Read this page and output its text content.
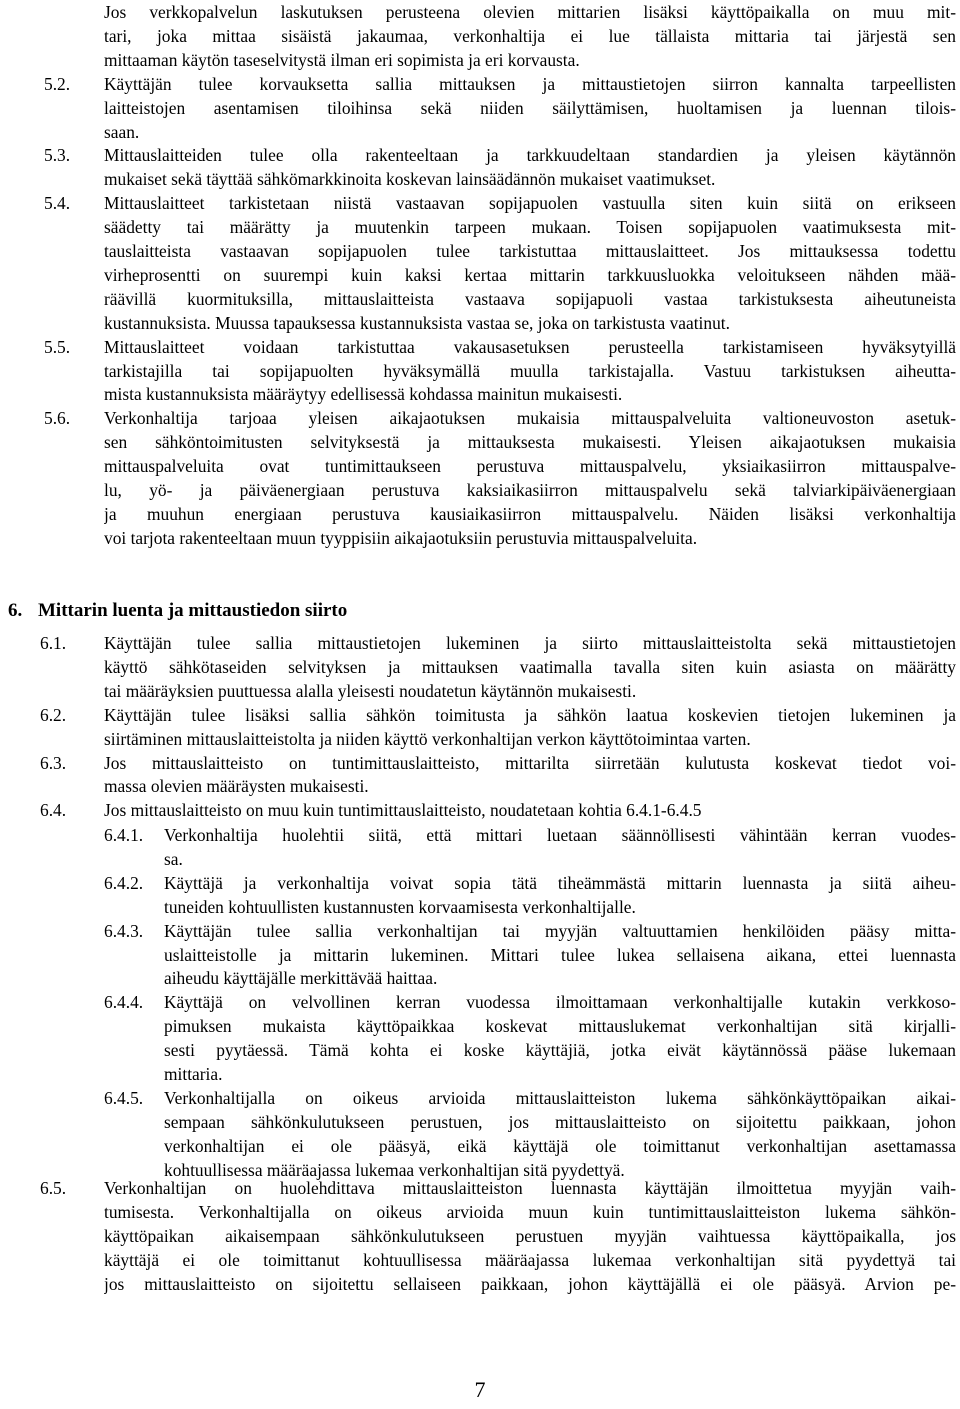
6. Mittarin luenta ja mittaustiedon siirto
7
Jos verkkopalvelun laskutuksen perusteena olevien mittarien lisäksi käyttöpaikalla on muu mit-
tari, joka mittaa sisäistä jakaumaa, verkonhaltija ei lue tällaista mittaria tai järjestä sen
mittaaman käytön taseselvitystä ilman eri sopimista ja eri korvausta.
5.2. Käyttäjän tulee korvauksetta sallia mittauksen ja mittaustietojen siirron kannalta tarpeellisten
laitteistojen asentamisen tiloihinsa sekä niiden säilyttämisen, huoltamisen ja luennan tilois-
saan.
5.3. Mittauslaitteiden tulee olla rakenteeltaan ja tarkkuudeltaan standardien ja yleisen käytännön
mukaiset sekä täyttää sähkömarkkinoita koskevan lainsäädännön mukaiset vaatimukset.
5.4. Mittauslaitteet tarkistetaan niistä vastaavan sopijapuolen vastuulla siten kuin siitä on erikseen
säädetty tai määrätty ja muutenkin tarpeen mukaan. Toisen sopijapuolen vaatimuksesta mit-
tauslaitteista vastaavan sopijapuolen tulee tarkistuttaa mittauslaitteet. Jos mittauksessa todettu
virheprosentti on suurempi kuin kaksi kertaa mittarin tarkkuusluokka veloitukseen nähden mää-
räävillä kuormituksilla, mittauslaitteista vastaava sopijapuoli vastaa tarkistuksesta aiheutuneista
kustannuksista. Muussa tapauksessa kustannuksista vastaa se, joka on tarkistusta vaatinut.
5.5. Mittauslaitteet voidaan tarkistuttaa vakausasetuksen perusteella tarkistamiseen hyväksytyillä
tarkistajilla tai sopijapuolten hyväksymällä muulla tarkistajalla. Vastuu tarkistuksen aiheutta-
mista kustannuksista määräytyy edellisessä kohdassa mainitun mukaisesti.
5.6. Verkonhaltija tarjoaa yleisen aikajaotuksen mukaisia mittauspalveluita valtioneuvoston asetuk-
sen sähköntoimitusten selvityksestä ja mittauksesta mukaisesti. Yleisen aikajaotuksen mukaisia
mittauspalveluita ovat tuntimittaukseen perustuva mittauspalvelu, yksiaikasiirron mittauspalve-
lu, yö- ja päiväenergiaan perustuva kaksiaikasiirron mittauspalvelu sekä talviarkipäiväenergiaan
ja muuhun energiaan perustuva kausiaikasiirron mittauspalvelu. Näiden lisäksi verkonhaltija
voi tarjota rakenteeltaan muun tyyppisiin aikajaotuksiin perustuvia mittauspalveluita.
6.1. Käyttäjän tulee sallia mittaustietojen lukeminen ja siirto mittauslaitteistolta sekä mittaustietojen
käyttö sähkötaseiden selvityksen ja mittauksen vaatimalla tavalla siten kuin asiasta on määrätty
tai määräyksien puuttuessa alalla yleisesti noudatetun käytännön mukaisesti.
6.2. Käyttäjän tulee lisäksi sallia sähkön toimitusta ja sähkön laatua koskevien tietojen lukeminen ja
siirtäminen mittauslaitteistolta ja niiden käyttö verkonhaltijan verkon käyttötoimintaa varten.
6.3. Jos mittauslaitteisto on tuntimittauslaitteisto, mittarilta siirretään kulutusta koskevat tiedot voi-
massa olevien määräysten mukaisesti.
6.4. Jos mittauslaitteisto on muu kuin tuntimittauslaitteisto, noudatetaan kohtia 6.4.1-6.4.5
6.4.1. Verkonhaltija huolehtii siitä, että mittari luetaan säännöllisesti vähintään kerran vuodes-
sa.
6.4.2. Käyttäjä ja verkonhaltija voivat sopia tätä tiheämmästä mittarin luennasta ja siitä aiheu-
tuneiden kohtuullisten kustannusten korvaamisesta verkonhaltijalle.
6.4.3. Käyttäjän tulee sallia verkonhaltijan tai myyjän valtuuttamien henkilöiden pääsy mitta-
uslaitteistolle ja mittarin lukeminen. Mittari tulee lukea sellaisena aikana, ettei luennasta
aiheudu käyttäjälle merkittävää haittaa.
6.4.4. Käyttäjä on velvollinen kerran vuodessa ilmoittamaan verkonhaltijalle kutakin verkkoso-
pimuksen mukaista käyttöpaikkaa koskevat mittauslukemat verkonhaltijan sitä kirjalli-
sesti pyytäessä. Tämä kohta ei koske käyttäjiä, jotka eivät käytännössä pääse lukemaan
mittaria.
6.4.5. Verkonhaltijalla on oikeus arvioida mittauslaitteiston lukema sähkönkäyttöpaikan aikai-
sempaan sähkönkulutukseen perustuen, jos mittauslaitteisto on sijoitettu paikkaan, johon
verkonhaltijan ei ole pääsyä, eikä käyttäjä ole toimittanut verkonhaltijan asettamassa
kohtuullisessa määräajassa lukemaa verkonhaltijan sitä pyydettyä.
6.5. Verkonhaltijan on huolehdittava mittauslaitteiston luennasta käyttäjän ilmoittetua myyjän vaih-
tumisesta. Verkonhaltijalla on oikeus arvioida muun kuin tuntimittauslaitteiston lukema sähkön-
käyttöpaikan aikaisempaan sähkönkulutukseen perustuen myyjän vaihtuessa käyttöpaikalla, jos
käyttäjä ei ole toimittanut kohtuullisessa määräajassa lukemaa verkonhaltijan sitä pyydettyä tai
jos mittauslaitteisto on sijoitettu sellaiseen paikkaan, johon käyttäjällä ei ole pääsyä. Arvion pe-
